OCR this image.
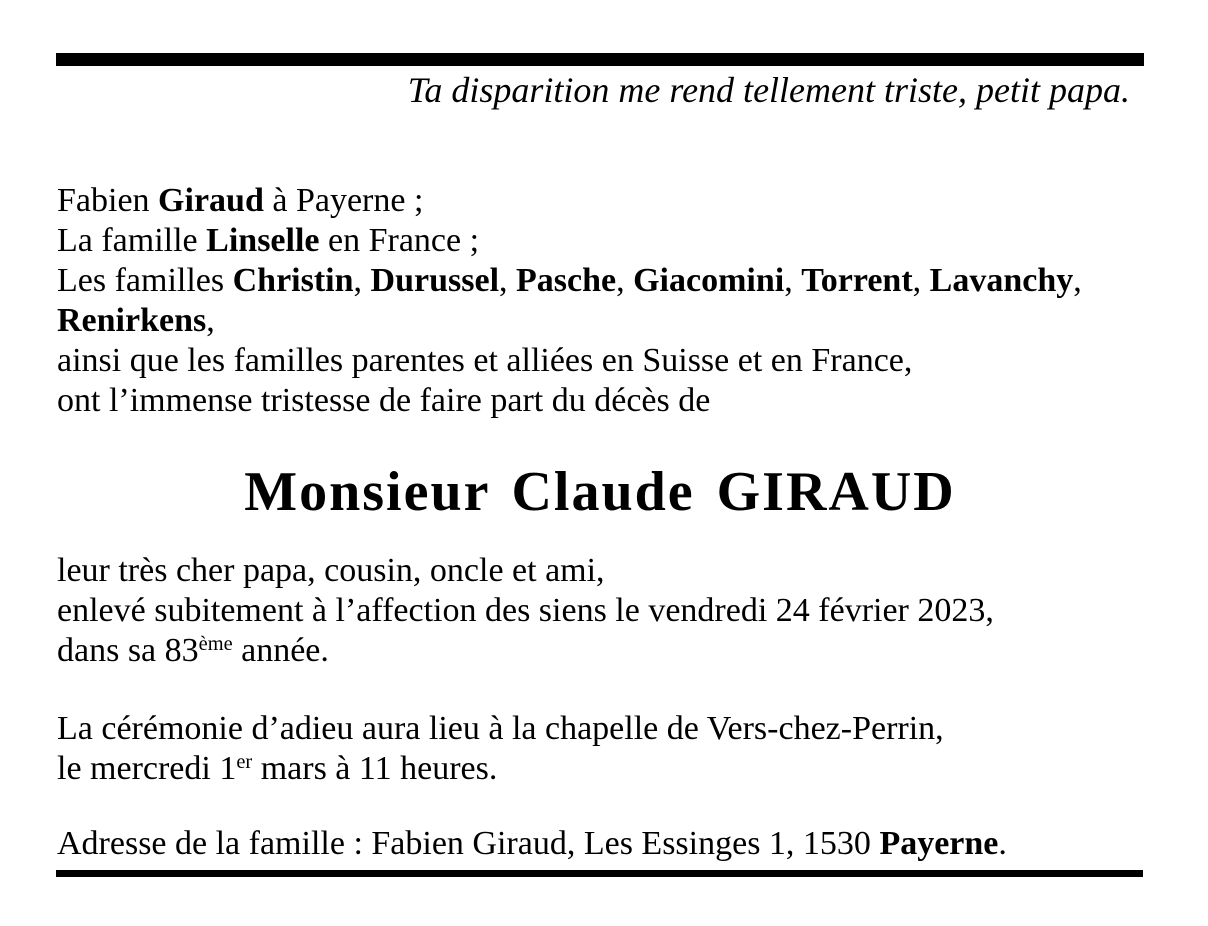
Ta disparition me rend tellement triste, petit papa.
Fabien Giraud à Payerne ;
La famille Linselle en France ;
Les familles Christin, Durussel, Pasche, Giacomini, Torrent, Lavanchy,
Renirkens,
ainsi que les familles parentes et alliées en Suisse et en France,
ont l’immense tristesse de faire part du décès de
Monsieur Claude GIRAUD
leur très cher papa, cousin, oncle et ami,
enlevé subitement à l’affection des siens le vendredi 24 février 2023,
dans sa 83ème année.
La cérémonie d’adieu aura lieu à la chapelle de Vers-chez-Perrin,
le mercredi 1er mars à 11 heures.
Adresse de la famille : Fabien Giraud, Les Essinges 1, 1530 Payerne.
